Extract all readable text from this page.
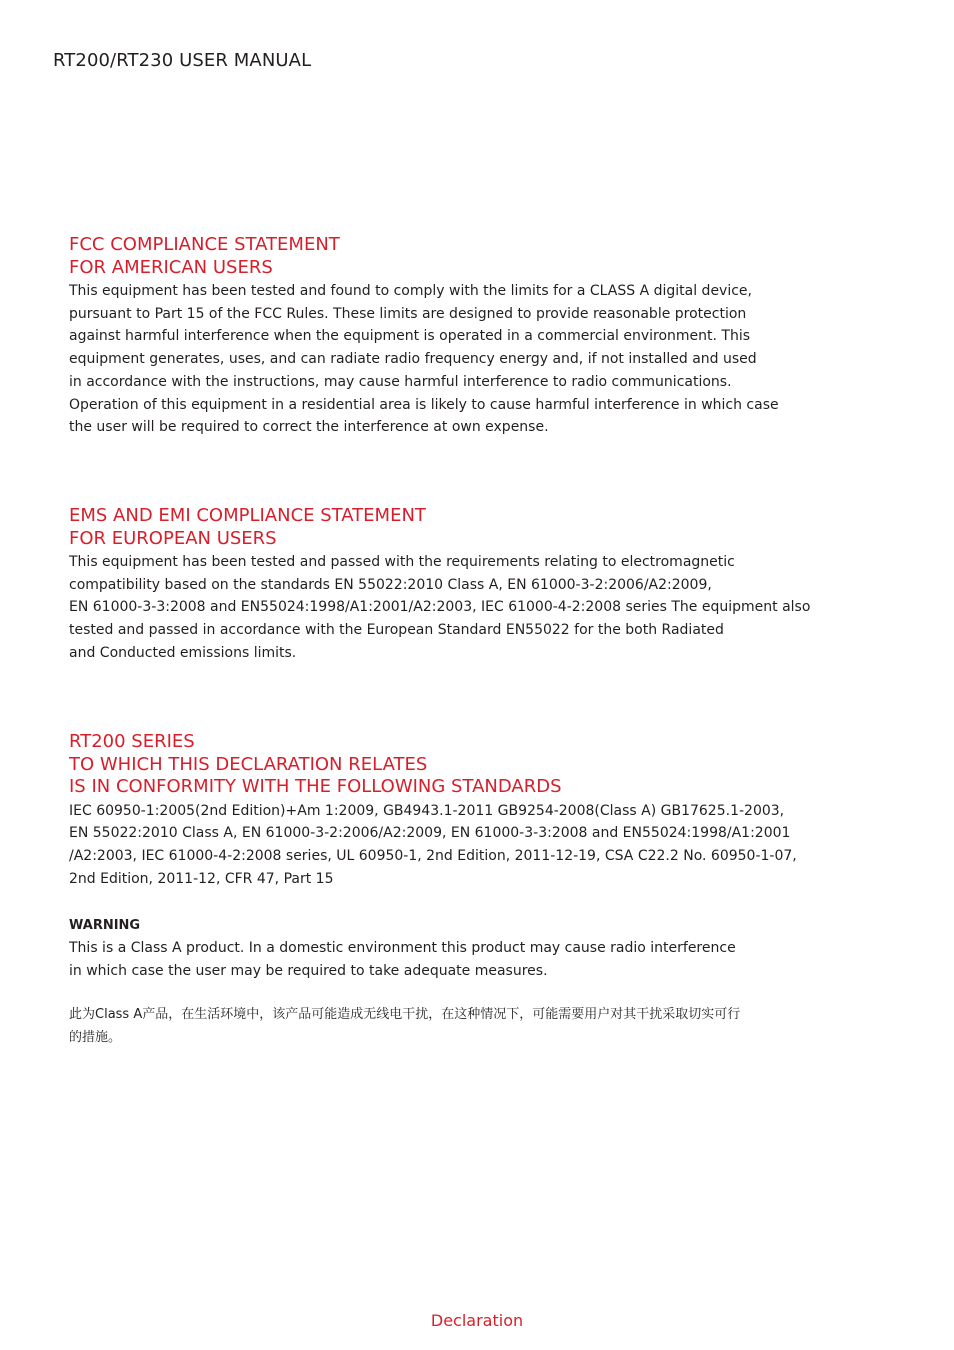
RT200/RT230 USER MANUAL
FCC COMPLIANCE STATEMENT
FOR AMERICAN USERS
This equipment has been tested and found to comply with the limits for a CLASS A digital device,
pursuant to Part 15 of the FCC Rules. These limits are designed to provide reasonable protection
against harmful interference when the equipment is operated in a commercial environment. This
equipment generates, uses, and can radiate radio frequency energy and, if not installed and used
in accordance with the instructions, may cause harmful interference to radio communications.
Operation of this equipment in a residential area is likely to cause harmful interference in which case
the user will be required to correct the interference at own expense.
EMS AND EMI COMPLIANCE STATEMENT
FOR EUROPEAN USERS
This equipment has been tested and passed with the requirements relating to electromagnetic
compatibility based on the standards EN 55022:2010 Class A, EN 61000-3-2:2006/A2:2009,
EN 61000-3-3:2008 and EN55024:1998/A1:2001/A2:2003, IEC 61000-4-2:2008 series The equipment also
tested and passed in accordance with the European Standard EN55022 for the both Radiated
and Conducted emissions limits.
RT200 SERIES
TO WHICH THIS DECLARATION RELATES
IS IN CONFORMITY WITH THE FOLLOWING STANDARDS
IEC 60950-1:2005(2nd Edition)+Am 1:2009, GB4943.1-2011 GB9254-2008(Class A) GB17625.1-2003,
EN 55022:2010 Class A, EN 61000-3-2:2006/A2:2009, EN 61000-3-3:2008 and EN55024:1998/A1:2001
/A2:2003, IEC 61000-4-2:2008 series, UL 60950-1, 2nd Edition, 2011-12-19, CSA C22.2 No. 60950-1-07,
2nd Edition, 2011-12, CFR 47, Part 15
WARNING
This is a Class A product. In a domestic environment this product may cause radio interference
in which case the user may be required to take adequate measures.
此为Class A产品，在生活环境中，该产品可能造成无线电干扰，在这种情况下，可能需要用户对其干扰采取切实可行
的措施。
Declaration
